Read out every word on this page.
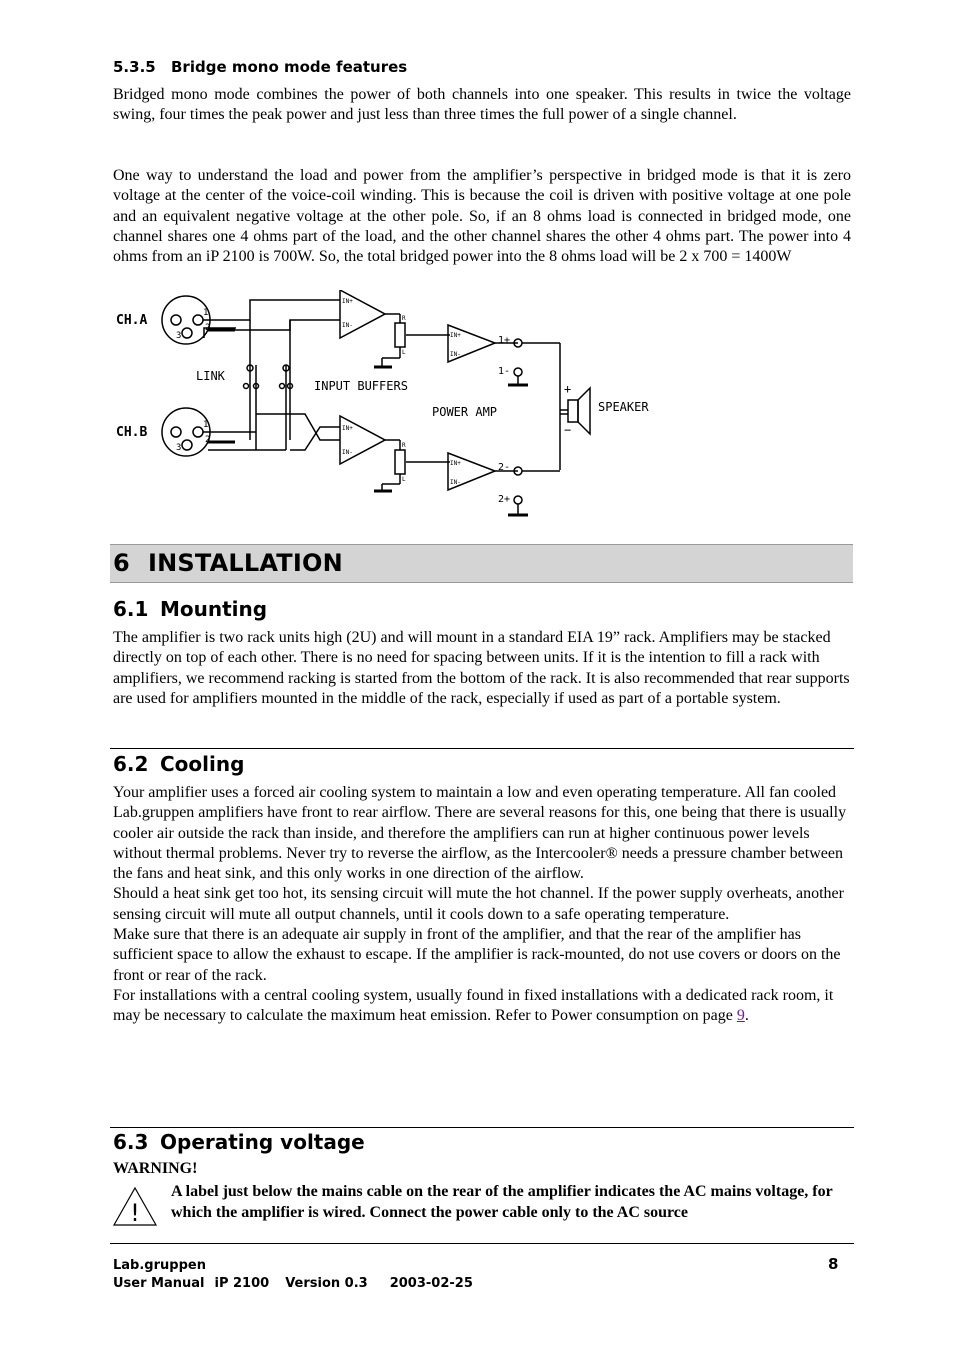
5.3.5 Bridge mono mode features

Bridged mono mode combines the power of both channels into one speaker. This results in twice the voltage swing, four times the peak power and just less than three times the full power of a single channel.

One way to understand the load and power from the amplifier’s perspective in bridged mode is that it is zero voltage at the center of the voice-coil winding. This is because the coil is driven with positive voltage at one pole and an equivalent negative voltage at the other pole. So, if an 8 ohms load is connected in bridged mode, one channel shares one 4 ohms part of the load, and the other channel shares the other 4 ohms part. The power into 4 ohms from an iP 2100 is 700W. So, the total bridged power into the 8 ohms load will be 2 x 700 = 1400W

CH.A	1
3
2
IN+
IN-
LINK
INPUT BUFFERS
R
L
IN+
IN-
1+
1-
+
−
SPEAKER
POWER AMP
CH.B	1
3
2
IN+
IN-
R
L
IN+
IN-
2-
2+
6 INSTALLATION
6.1 Mounting

The amplifier is two rack units high (2U) and will mount in a standard EIA 19” rack. Amplifiers may be stacked directly on top of each other. There is no need for spacing between units. If it is the intention to fill a rack with amplifiers, we recommend racking is started from the bottom of the rack. It is also recommended that rear supports are used for amplifiers mounted in the middle of the rack, especially if used as part of a portable system.

6.2 Cooling

Your amplifier uses a forced air cooling system to maintain a low and even operating temperature. All fan cooled Lab.gruppen amplifiers have front to rear airflow. There are several reasons for this, one being that there is usually cooler air outside the rack than inside, and therefore the amplifiers can run at higher continuous power levels without thermal problems. Never try to reverse the airflow, as the Intercooler® needs a pressure chamber between the fans and heat sink, and this only works in one direction of the airflow.

Should a heat sink get too hot, its sensing circuit will mute the hot channel. If the power supply overheats, another sensing circuit will mute all output channels, until it cools down to a safe operating temperature.

Make sure that there is an adequate air supply in front of the amplifier, and that the rear of the amplifier has sufficient space to allow the exhaust to escape. If the amplifier is rack-mounted, do not use covers or doors on the front or rear of the rack.

For installations with a central cooling system, usually found in fixed installations with a dedicated rack room, it may be necessary to calculate the maximum heat emission. Refer to Power consumption on page 9.

6.3 Operating voltage
WARNING!
!
A label just below the mains cable on the rear of the amplifier indicates the AC mains voltage, for which the amplifier is wired. Connect the power cable only to the AC source
Lab.gruppen
User Manual iP 2100 Version 0.3 2003-02-25
8
